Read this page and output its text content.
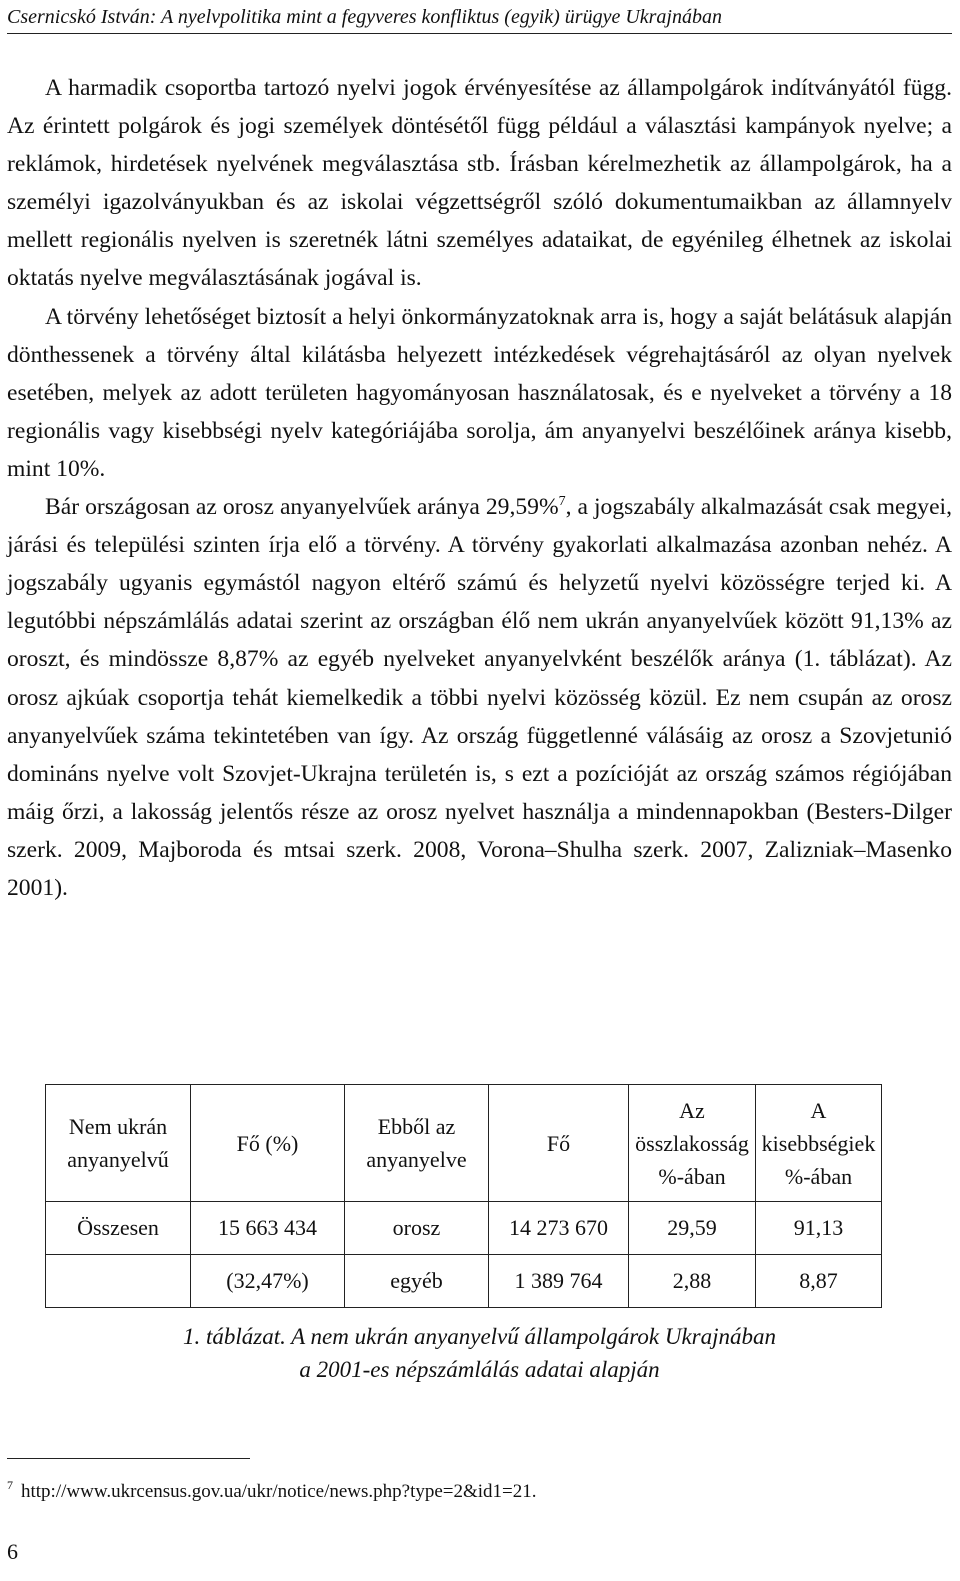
Csernicskó István: A nyelvpolitika mint a fegyveres konfliktus (egyik) ürügye Ukrajnában

A harmadik csoportba tartozó nyelvi jogok érvényesítése az állampolgárok indítványától függ. Az érintett polgárok és jogi személyek döntésétől függ például a választási kampányok nyelve; a reklámok, hirdetések nyelvének megválasztása stb. Írásban kérelmezhetik az állampolgárok, ha a személyi igazolványukban és az iskolai végzettségről szóló dokumentumaikban az államnyelv mellett regionális nyelven is szeretnék látni személyes adataikat, de egyénileg élhetnek az iskolai oktatás nyelve megválasztásának jogával is.

A törvény lehetőséget biztosít a helyi önkormányzatoknak arra is, hogy a saját belátásuk alapján dönthessenek a törvény által kilátásba helyezett intézkedések végrehajtásáról az olyan nyelvek esetében, melyek az adott területen hagyományosan használatosak, és e nyelveket a törvény a 18 regionális vagy kisebbségi nyelv kategóriájába sorolja, ám anyanyelvi beszélőinek aránya kisebb, mint 10%.

Bár országosan az orosz anyanyelvűek aránya 29,59%$^7$, a jogszabály alkalmazását csak megyei, járási és települési szinten írja elő a törvény. A törvény gyakorlati alkalmazása azonban nehéz. A jogszabály ugyanis egymástól nagyon eltérő számú és helyzetű nyelvi közösségre terjed ki. A legutóbbi népszámlálás adatai szerint az országban élő nem ukrán anyanyelvűek között 91,13% az oroszt, és mindössze 8,87% az egyéb nyelveket anyanyelvként beszélők aránya (1. táblázat). Az orosz ajkúak csoportja tehát kiemelkedik a többi nyelvi közösség közül. Ez nem csupán az orosz anyanyelvűek száma tekintetében van így. Az ország függetlenné válásáig az orosz a Szovjetunió domináns nyelve volt Szovjet-Ukrajna területén is, s ezt a pozícióját az ország számos régiójában máig őrzi, a lakosság jelentős része az orosz nyelvet használja a mindennapokban (Besters-Dilger szerk. 2009, Majboroda és mtsai szerk. 2008, Vorona–Shulha szerk. 2007, Zalizniak–Masenko 2001).

Nem ukrán anyanyelvű	Fő (%)	Ebből az anyanyelve	Fő	Az összlakosság %-ában	A kisebbségiek %-ában
Összesen	15 663 434	orosz	14 273 670	29,59	91,13
	(32,47%)	egyéb	1 389 764	2,88	8,87
1. táblázat. A nem ukrán anyanyelvű állampolgárok Ukrajnában
a 2001-es népszámlálás adatai alapján
$^7$ http://www.ukrcensus.gov.ua/ukr/notice/news.php?type=2&id1=21.
6
